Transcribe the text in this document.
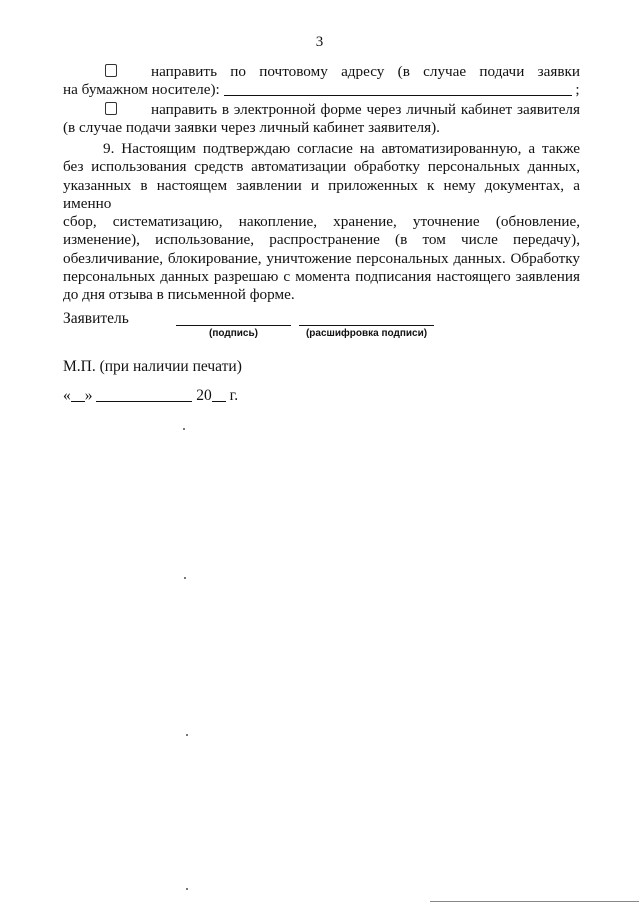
3
направить по почтовому адресу (в случае подачи заявки
на бумажном носителе):	;
направить в электронной форме через личный кабинет заявителя
(в случае подачи заявки через личный кабинет заявителя).
9. Настоящим подтверждаю согласие на автоматизированную, а также
без использования средств автоматизации обработку персональных данных,
указанных в настоящем заявлении и приложенных к нему документах, а именно
сбор, систематизацию, накопление, хранение, уточнение (обновление,
изменение), использование, распространение (в том числе передачу),
обезличивание, блокирование, уничтожение персональных данных. Обработку
персональных данных разрешаю с момента подписания настоящего заявления
до дня отзыва в письменной форме.
Заявитель
(подпись)	(расшифровка подписи)
М.П. (при наличии печати)
« »	20 г.
